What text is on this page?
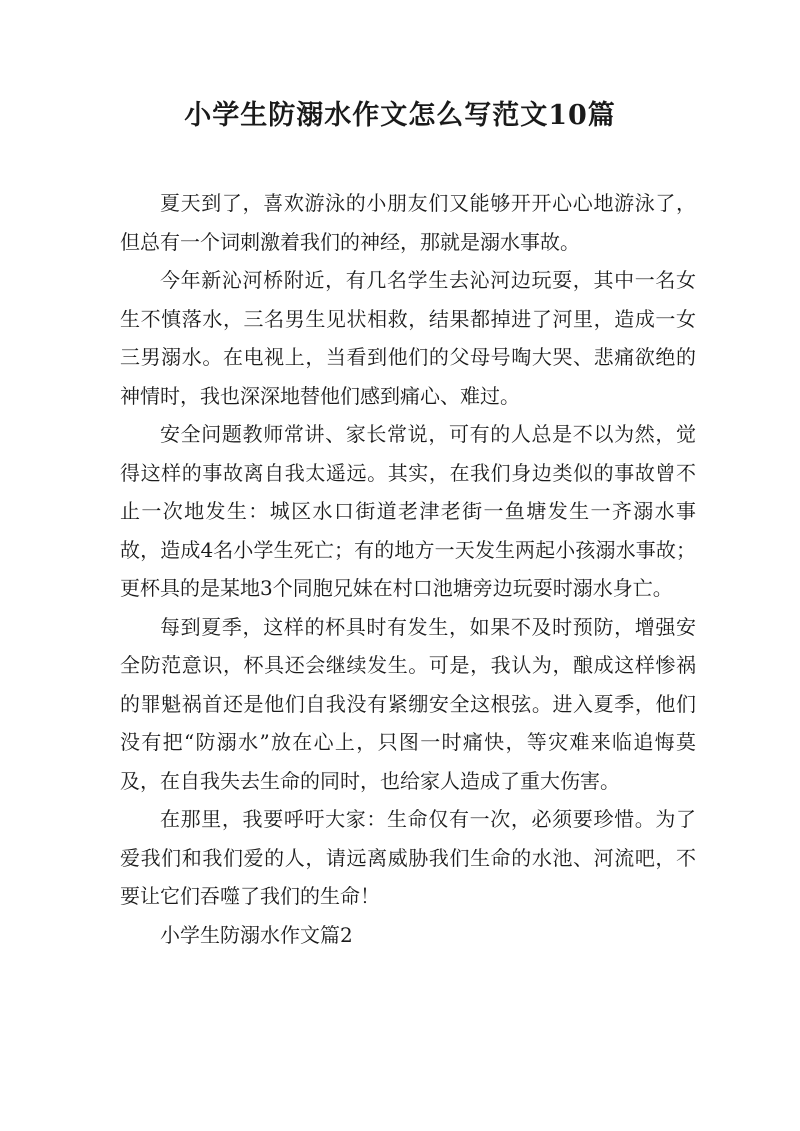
小学生防溺水作文怎么写范文10篇

夏天到了，喜欢游泳的小朋友们又能够开开心心地游泳了，但总有一个词刺激着我们的神经，那就是溺水事故。

今年新沁河桥附近，有几名学生去沁河边玩耍，其中一名女生不慎落水，三名男生见状相救，结果都掉进了河里，造成一女三男溺水。在电视上，当看到他们的父母号啕大哭、悲痛欲绝的神情时，我也深深地替他们感到痛心、难过。

安全问题教师常讲、家长常说，可有的人总是不以为然，觉得这样的事故离自我太遥远。其实，在我们身边类似的事故曾不止一次地发生：城区水口街道老津老街一鱼塘发生一齐溺水事故，造成4名小学生死亡；有的地方一天发生两起小孩溺水事故；更杯具的是某地3个同胞兄妹在村口池塘旁边玩耍时溺水身亡。

每到夏季，这样的杯具时有发生，如果不及时预防，增强安全防范意识，杯具还会继续发生。可是，我认为，酿成这样惨祸的罪魁祸首还是他们自我没有紧绷安全这根弦。进入夏季，他们没有把“防溺水”放在心上，只图一时痛快，等灾难来临追悔莫及，在自我失去生命的同时，也给家人造成了重大伤害。

在那里，我要呼吁大家：生命仅有一次，必须要珍惜。为了爱我们和我们爱的人，请远离威胁我们生命的水池、河流吧，不要让它们吞噬了我们的生命！

小学生防溺水作文篇2
